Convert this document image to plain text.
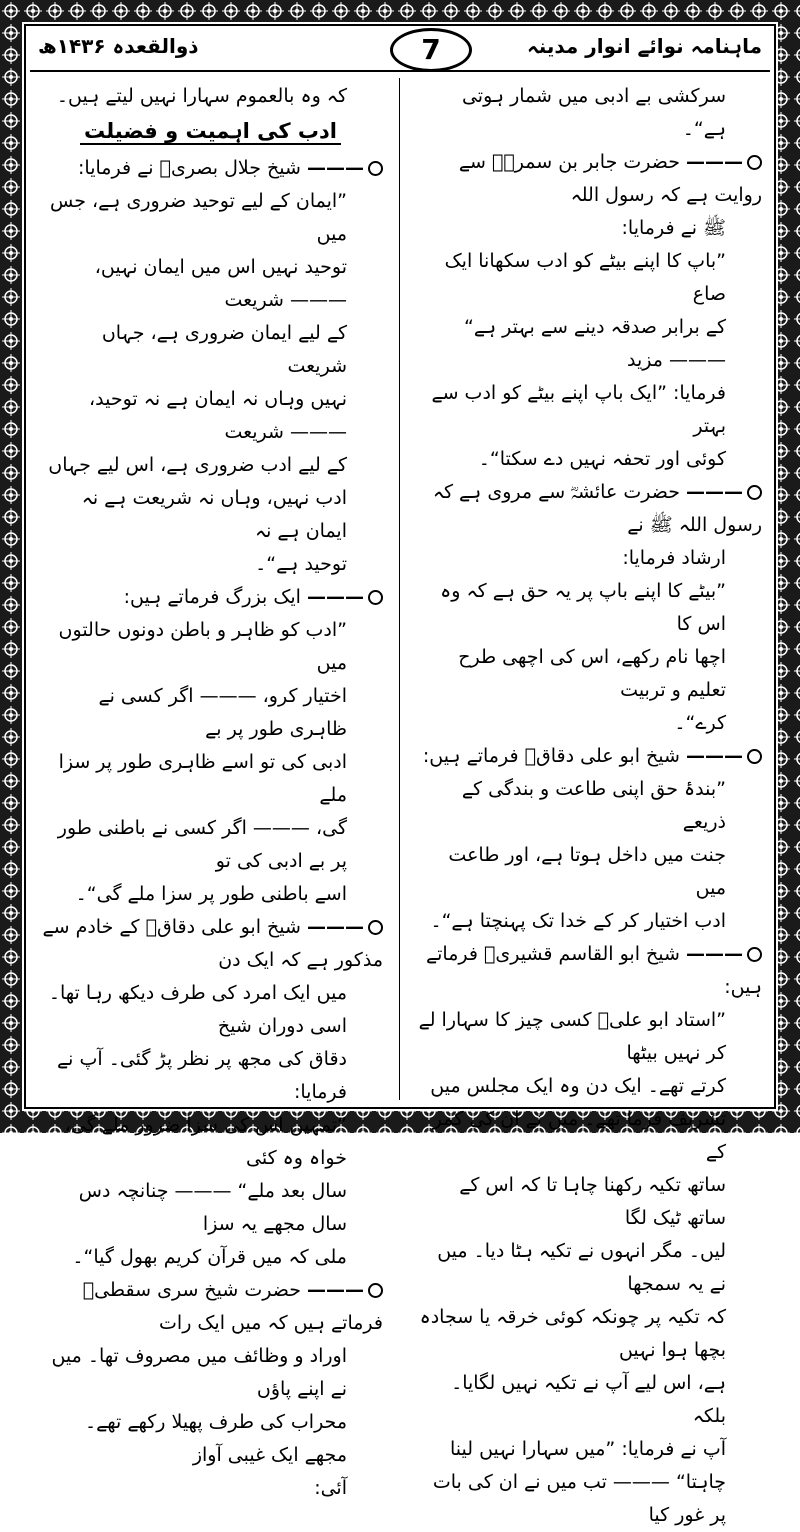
ماہنامہ نوائے انوار مدینہ
7
ذوالقعدہ ۱۴۳۶ھ

سرکشی بے ادبی میں شمار ہوتی ہے“۔

——— حضرت جابر بن سمرہؓ سے روایت ہے کہ رسول اللہ

ﷺ نے فرمایا:

”باپ کا اپنے بیٹے کو ادب سکھانا ایک صاع

کے برابر صدقہ دینے سے بہتر ہے“ ——— مزید

فرمایا: ”ایک باپ اپنے بیٹے کو ادب سے بہتر

کوئی اور تحفہ نہیں دے سکتا“۔

——— حضرت عائشہؓ سے مروی ہے کہ رسول اللہ ﷺ نے

ارشاد فرمایا:

”بیٹے کا اپنے باپ پر یہ حق ہے کہ وہ اس کا

اچھا نام رکھے، اس کی اچھی طرح تعلیم و تربیت

کرے“۔

——— شیخ ابو علی دقاقؒ فرماتے ہیں:

”بندۂ حق اپنی طاعت و بندگی کے ذریعے

جنت میں داخل ہوتا ہے، اور طاعت میں

ادب اختیار کر کے خدا تک پہنچتا ہے“۔

——— شیخ ابو القاسم قشیریؒ فرماتے ہیں:

”استاد ابو علیؒ کسی چیز کا سہارا لے کر نہیں بیٹھا

کرتے تھے۔ ایک دن وہ ایک مجلس میں

تشریف فرما تھے۔ میں نے ان کی کمر کے

ساتھ تکیہ رکھنا چاہا تا کہ اس کے ساتھ ٹیک لگا

لیں۔ مگر انہوں نے تکیہ ہٹا دیا۔ میں نے یہ سمجھا

کہ تکیہ پر چونکہ کوئی خرقہ یا سجادہ بچھا ہوا نہیں

ہے، اس لیے آپ نے تکیہ نہیں لگایا۔ بلکہ

آپ نے فرمایا: ”میں سہارا نہیں لینا

چاہتا“ ——— تب میں نے ان کی بات پر غور کیا

کہ وہ بالعموم سہارا نہیں لیتے ہیں۔

ادب کی اہمیت و فضیلت

——— شیخ جلال بصریؒ نے فرمایا:

”ایمان کے لیے توحید ضروری ہے، جس میں

توحید نہیں اس میں ایمان نہیں، ——— شریعت

کے لیے ایمان ضروری ہے، جہاں شریعت

نہیں وہاں نہ ایمان ہے نہ توحید، ——— شریعت

کے لیے ادب ضروری ہے، اس لیے جہاں

ادب نہیں، وہاں نہ شریعت ہے نہ ایمان ہے نہ

توحید ہے“۔

——— ایک بزرگ فرماتے ہیں:

”ادب کو ظاہر و باطن دونوں حالتوں میں

اختیار کرو، ——— اگر کسی نے ظاہری طور پر بے

ادبی کی تو اسے ظاہری طور پر سزا ملے

گی، ——— اگر کسی نے باطنی طور پر بے ادبی کی تو

اسے باطنی طور پر سزا ملے گی“۔

——— شیخ ابو علی دقاقؒ کے خادم سے مذکور ہے کہ ایک دن

میں ایک امرد کی طرف دیکھ رہا تھا۔ اسی دوران شیخ

دقاق کی مجھ پر نظر پڑ گئی۔ آپ نے فرمایا:

”تمہیں اس کی سزا ضرور ملے گی، خواہ وہ کئی

سال بعد ملے“ ——— چنانچہ دس سال مجھے یہ سزا

ملی کہ میں قرآن کریم بھول گیا“۔

——— حضرت شیخ سری سقطیؒ فرماتے ہیں کہ میں ایک رات

اوراد و وظائف میں مصروف تھا۔ میں نے اپنے پاؤں

محراب کی طرف پھیلا رکھے تھے۔ مجھے ایک غیبی آواز

آئی:
